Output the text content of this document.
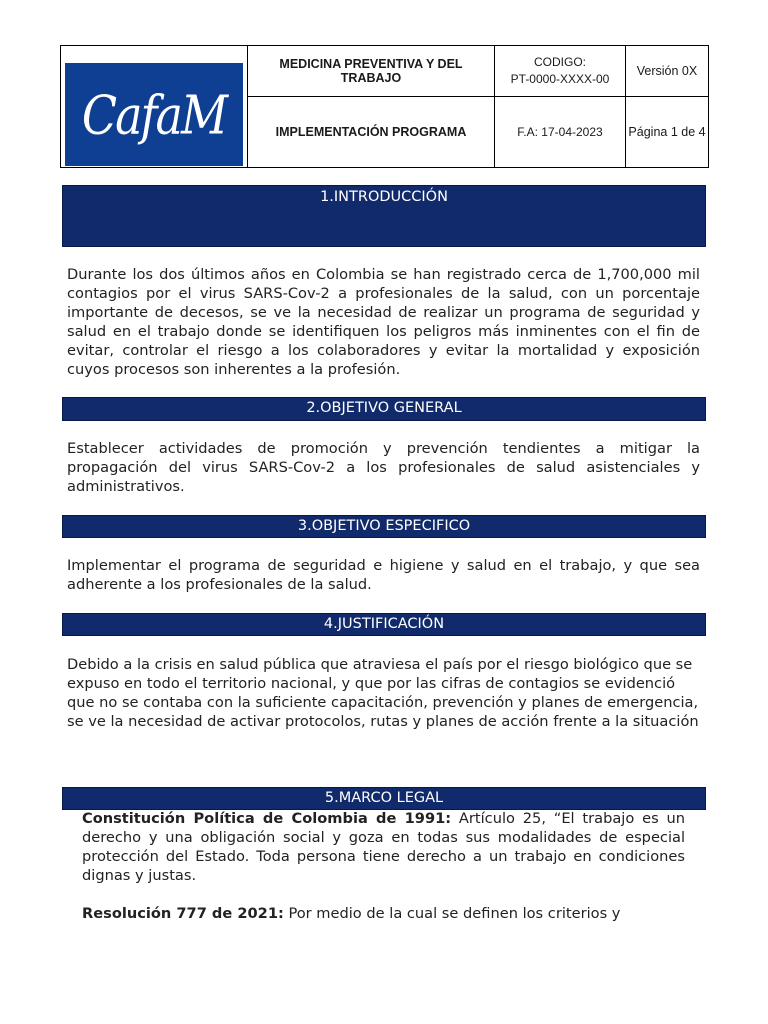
CafaM	MEDICINA PREVENTIVA Y DEL TRABAJO	CODIGO:
PT-0000-XXXX-00	Versión 0X
	IMPLEMENTACIÓN PROGRAMA	F.A: 17-04-2023	Página 1 de 4
1.INTRODUCCIÓN
Durante los dos últimos años en Colombia se han registrado cerca de 1,700,000 mil contagios por el virus SARS-Cov-2 a profesionales de la salud, con un porcentaje importante de decesos, se ve la necesidad de realizar un programa de seguridad y salud en el trabajo donde se identifiquen los peligros más inminentes con el fin de evitar, controlar el riesgo a los colaboradores y evitar la mortalidad y exposición cuyos procesos son inherentes a la profesión.
2.OBJETIVO GENERAL
Establecer actividades de promoción y prevención tendientes a mitigar la propagación del virus SARS-Cov-2 a los profesionales de salud asistenciales y administrativos.
3.OBJETIVO ESPECIFICO
Implementar el programa de seguridad e higiene y salud en el trabajo, y que sea adherente a los profesionales de la salud.
4.JUSTIFICACIÓN
Debido a la crisis en salud pública que atraviesa el país por el riesgo biológico que se expuso en todo el territorio nacional, y que por las cifras de contagios se evidenció que no se contaba con la suficiente capacitación, prevención y planes de emergencia, se ve la necesidad de activar protocolos, rutas y planes de acción frente a la situación
5.MARCO LEGAL
Constitución Política de Colombia de 1991: Artículo 25, “El trabajo es un derecho y una obligación social y goza en todas sus modalidades de especial protección del Estado. Toda persona tiene derecho a un trabajo en condiciones dignas y justas.
Resolución 777 de 2021: Por medio de la cual se definen los criterios y
